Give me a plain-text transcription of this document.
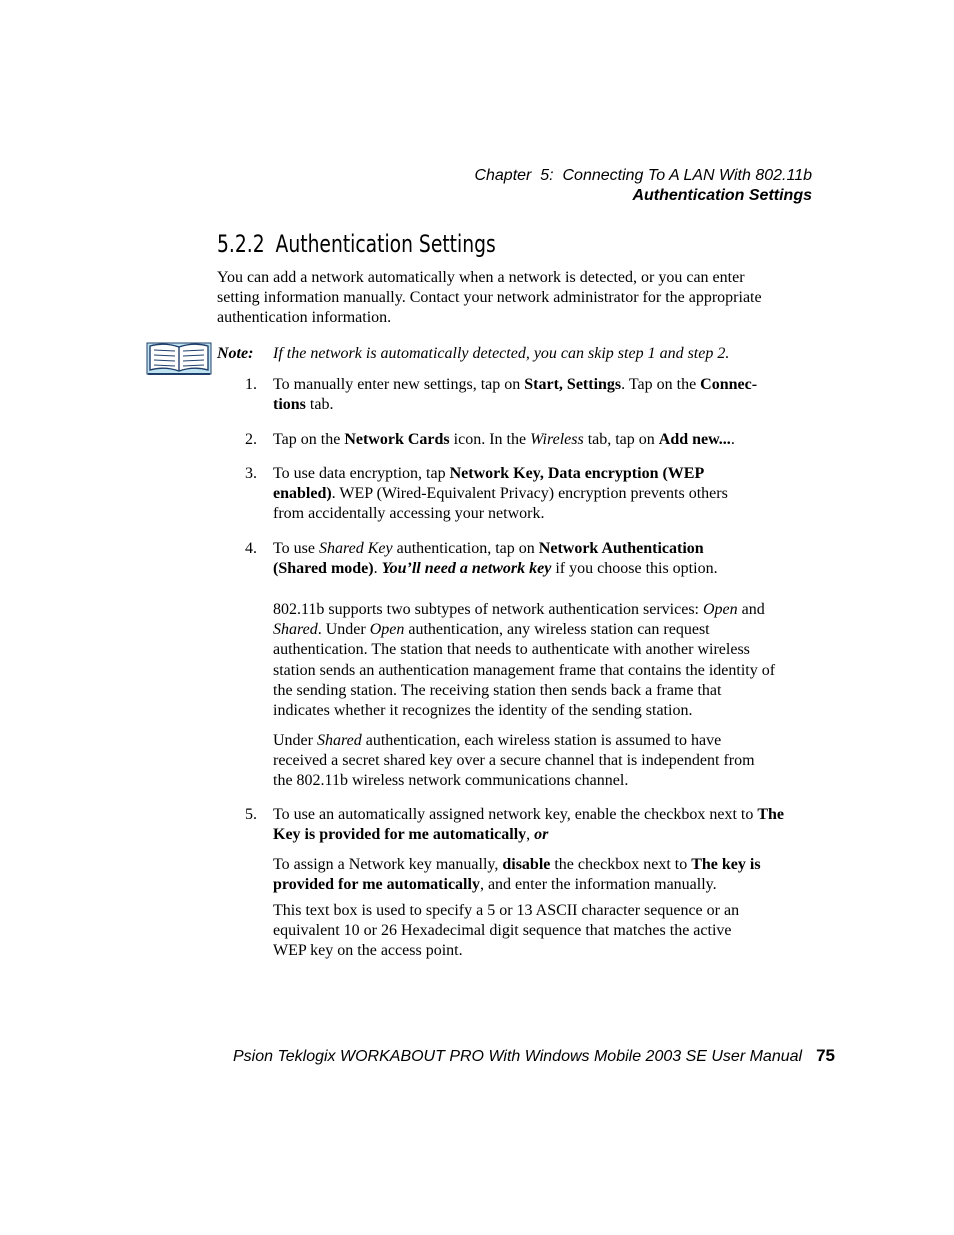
Chapter  5:  Connecting To A LAN With 802.11b
Authentication Settings
5.2.2 Authentication Settings
You can add a network automatically when a network is detected, or you can enter setting information manually. Contact your network administrator for the appropriate authentication information.
Note: If the network is automatically detected, you can skip step 1 and step 2.
1. To manually enter new settings, tap on Start, Settings. Tap on the Connec-
tions tab.
2. Tap on the Network Cards icon. In the Wireless tab, tap on Add new....
3. To use data encryption, tap Network Key, Data encryption (WEP enabled). WEP (Wired-Equivalent Privacy) encryption prevents others from accidentally accessing your network.
4. To use Shared Key authentication, tap on Network Authentication (Shared mode). You’ll need a network key if you choose this option.
802.11b supports two subtypes of network authentication services: Open and Shared. Under Open authentication, any wireless station can request authentication. The station that needs to authenticate with another wireless station sends an authentication management frame that contains the identity of the sending station. The receiving station then sends back a frame that indicates whether it recognizes the identity of the sending station.
Under Shared authentication, each wireless station is assumed to have received a secret shared key over a secure channel that is independent from the 802.11b wireless network communications channel.
5. To use an automatically assigned network key, enable the checkbox next to The Key is provided for me automatically, or
To assign a Network key manually, disable the checkbox next to The key is provided for me automatically, and enter the information manually.
This text box is used to specify a 5 or 13 ASCII character sequence or an equivalent 10 or 26 Hexadecimal digit sequence that matches the active WEP key on the access point.
Psion Teklogix WORKABOUT PRO With Windows Mobile 2003 SE User Manual 75
